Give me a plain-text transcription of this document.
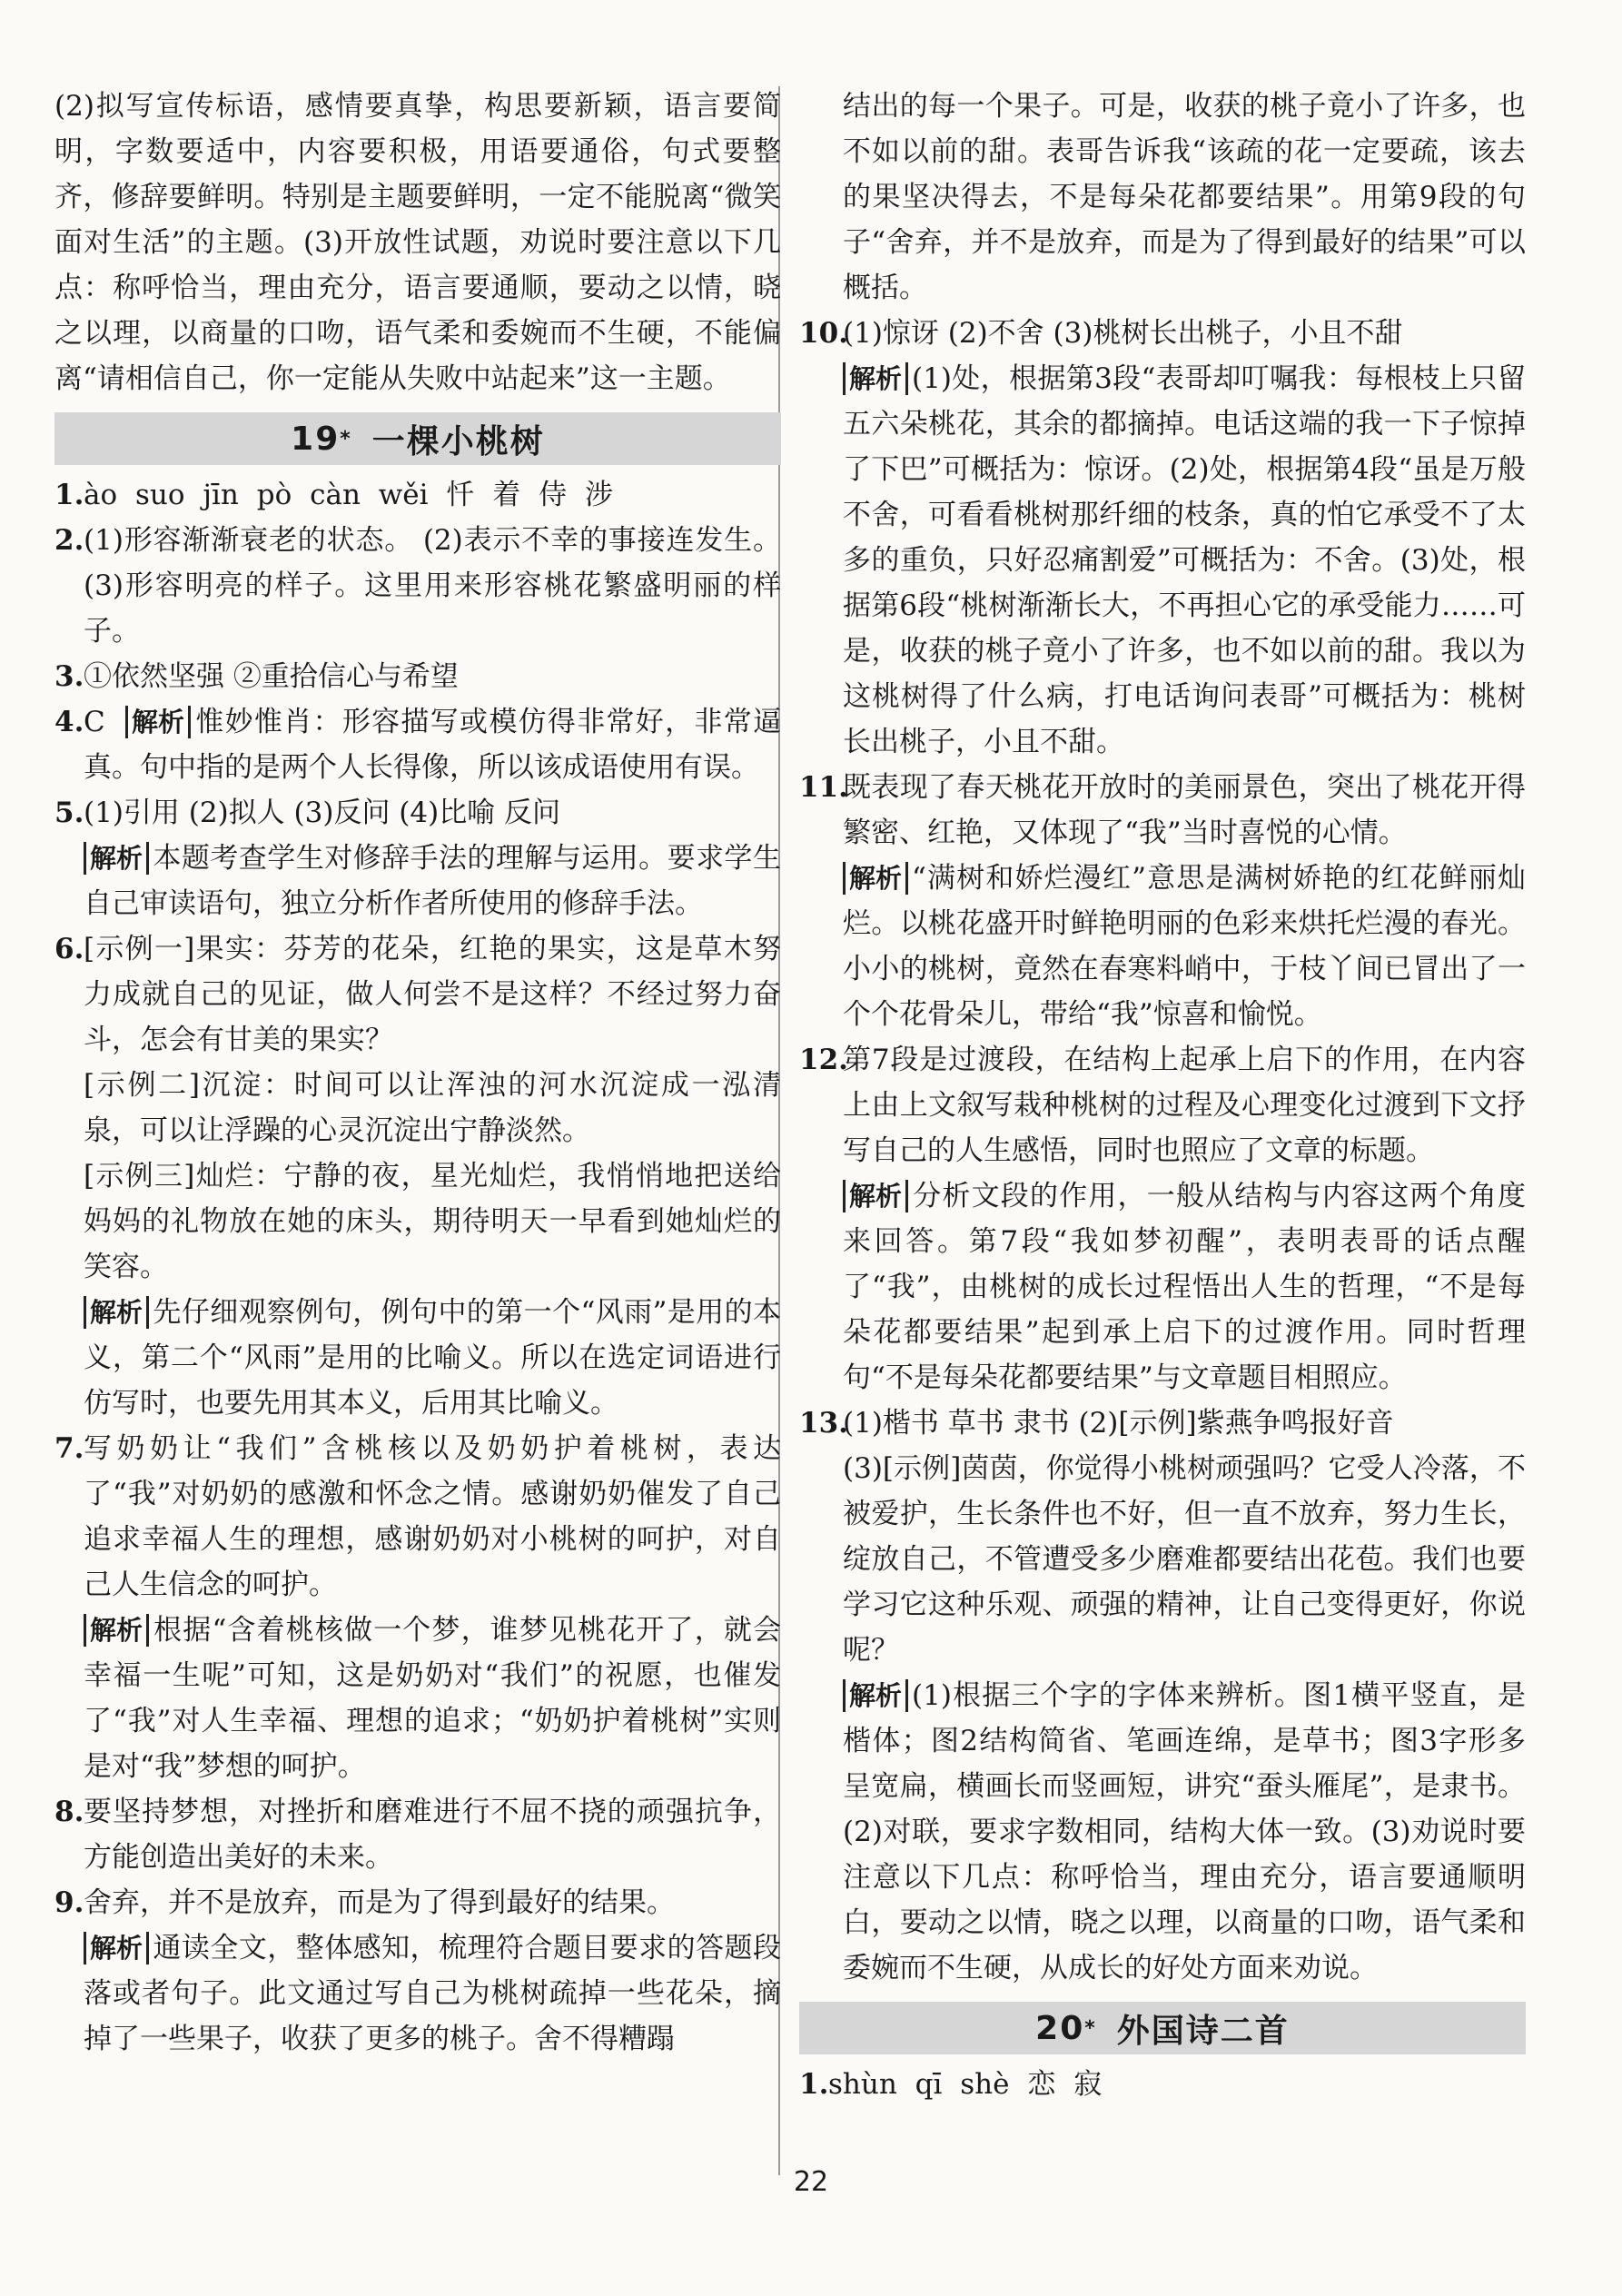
(2)拟写宣传标语，感情要真挚，构思要新颖，语言要简明，字数要适中，内容要积极，用语要通俗，句式要整齐，修辞要鲜明。特别是主题要鲜明，一定不能脱离“微笑面对生活”的主题。(3)开放性试题，劝说时要注意以下几点：称呼恰当，理由充分，语言要通顺，要动之以情，晓之以理，以商量的口吻，语气柔和委婉而不生硬，不能偏离“请相信自己，你一定能从失败中站起来”这一主题。

19 * 一棵小桃树
1. ào suo jīn pò càn wěi 忏 着 侍 涉

2. (1)形容渐渐衰老的状态。 (2)表示不幸的事接连发生。 (3)形容明亮的样子。这里用来形容桃花繁盛明丽的样子。

3. ①依然坚强 ②重拾信心与希望

4. C 解析 惟妙惟肖：形容描写或模仿得非常好，非常逼真。句中指的是两个人长得像，所以该成语使用有误。

5. (1)引用 (2)拟人 (3)反问 (4)比喻 反问

解析 本题考查学生对修辞手法的理解与运用。要求学生自己审读语句，独立分析作者所使用的修辞手法。

6. [示例一]果实：芬芳的花朵，红艳的果实，这是草木努力成就自己的见证，做人何尝不是这样？不经过努力奋斗，怎会有甘美的果实？

[示例二]沉淀：时间可以让浑浊的河水沉淀成一泓清泉，可以让浮躁的心灵沉淀出宁静淡然。

[示例三]灿烂：宁静的夜，星光灿烂，我悄悄地把送给妈妈的礼物放在她的床头，期待明天一早看到她灿烂的笑容。

解析 先仔细观察例句，例句中的第一个“风雨”是用的本义，第二个“风雨”是用的比喻义。所以在选定词语进行仿写时，也要先用其本义，后用其比喻义。

7. 写奶奶让“我们”含桃核以及奶奶护着桃树，表达了“我”对奶奶的感激和怀念之情。感谢奶奶催发了自己追求幸福人生的理想，感谢奶奶对小桃树的呵护，对自己人生信念的呵护。

解析 根据“含着桃核做一个梦，谁梦见桃花开了，就会幸福一生呢”可知，这是奶奶对“我们”的祝愿，也催发了“我”对人生幸福、理想的追求；“奶奶护着桃树”实则是对“我”梦想的呵护。

8. 要坚持梦想，对挫折和磨难进行不屈不挠的顽强抗争，方能创造出美好的未来。

9. 舍弃，并不是放弃，而是为了得到最好的结果。

解析 通读全文，整体感知，梳理符合题目要求的答题段落或者句子。此文通过写自己为桃树疏掉一些花朵，摘掉了一些果子，收获了更多的桃子。舍不得糟蹋

结出的每一个果子。可是，收获的桃子竟小了许多，也不如以前的甜。表哥告诉我“该疏的花一定要疏，该去的果坚决得去，不是每朵花都要结果”。用第9段的句子“舍弃，并不是放弃，而是为了得到最好的结果”可以概括。

10.

(1)惊讶 (2)不舍 (3)桃树长出桃子，小且不甜

解析 (1)处，根据第3段“表哥却叮嘱我：每根枝上只留五六朵桃花，其余的都摘掉。电话这端的我一下子惊掉了下巴”可概括为：惊讶。(2)处，根据第4段“虽是万般不舍，可看看桃树那纤细的枝条，真的怕它承受不了太多的重负，只好忍痛割爱”可概括为：不舍。(3)处，根据第6段“桃树渐渐长大，不再担心它的承受能力……可是，收获的桃子竟小了许多，也不如以前的甜。我以为这桃树得了什么病，打电话询问表哥”可概括为：桃树长出桃子，小且不甜。

11.

既表现了春天桃花开放时的美丽景色，突出了桃花开得繁密、红艳，又体现了“我”当时喜悦的心情。

解析 “满树和娇烂漫红”意思是满树娇艳的红花鲜丽灿烂。以桃花盛开时鲜艳明丽的色彩来烘托烂漫的春光。小小的桃树，竟然在春寒料峭中，于枝丫间已冒出了一个个花骨朵儿，带给“我”惊喜和愉悦。

12.

第7段是过渡段，在结构上起承上启下的作用，在内容上由上文叙写栽种桃树的过程及心理变化过渡到下文抒写自己的人生感悟，同时也照应了文章的标题。

解析 分析文段的作用，一般从结构与内容这两个角度来回答。第7段“我如梦初醒”，表明表哥的话点醒了“我”，由桃树的成长过程悟出人生的哲理，“不是每朵花都要结果”起到承上启下的过渡作用。同时哲理句“不是每朵花都要结果”与文章题目相照应。

13.

(1)楷书 草书 隶书 (2)[示例]紫燕争鸣报好音

(3)[示例]茵茵，你觉得小桃树顽强吗？它受人冷落，不被爱护，生长条件也不好，但一直不放弃，努力生长，绽放自己，不管遭受多少磨难都要结出花苞。我们也要学习它这种乐观、顽强的精神，让自己变得更好，你说呢？

解析 (1)根据三个字的字体来辨析。图1横平竖直，是楷体；图2结构简省、笔画连绵，是草书；图3字形多呈宽扁，横画长而竖画短，讲究“蚕头雁尾”，是隶书。(2)对联，要求字数相同，结构大体一致。(3)劝说时要注意以下几点：称呼恰当，理由充分，语言要通顺明白，要动之以情，晓之以理，以商量的口吻，语气柔和委婉而不生硬，从成长的好处方面来劝说。

20 * 外国诗二首
1. shùn qī shè 恋 寂

22
